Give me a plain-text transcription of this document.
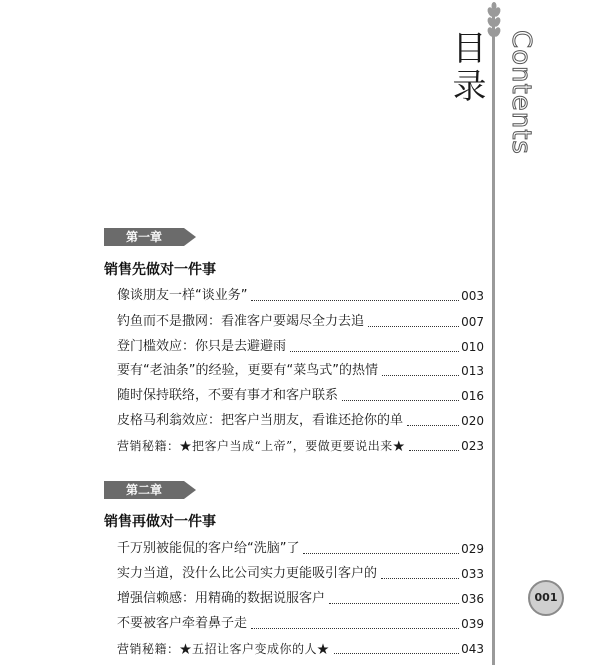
目录 Contents
第一章
销售先做对一件事
像谈朋友一样“谈业务”	003
钓鱼而不是撒网：看准客户要竭尽全力去追	007
登门槛效应：你只是去避避雨	010
要有“老油条”的经验，更要有“菜鸟式”的热情	013
随时保持联络，不要有事才和客户联系	016
皮格马利翁效应：把客户当朋友，看谁还抢你的单	020
营销秘籍：★把客户当成“上帝”，要做更要说出来★	023
第二章
销售再做对一件事
千万别被能侃的客户给“洗脑”了	029
实力当道，没什么比公司实力更能吸引客户的	033
增强信赖感：用精确的数据说服客户	036
不要被客户牵着鼻子走	039
营销秘籍：★五招让客户变成你的人★	043
001
